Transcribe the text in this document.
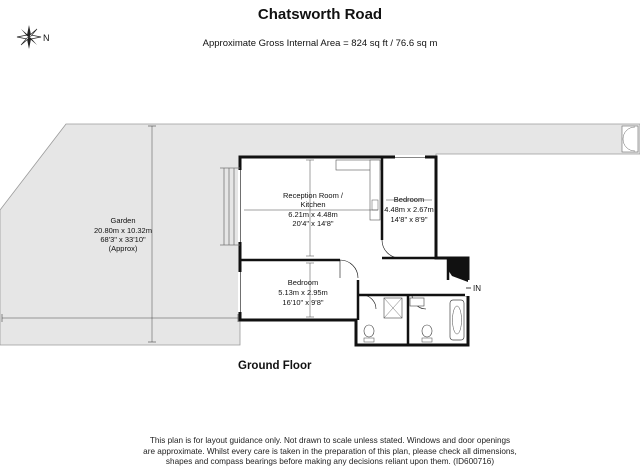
Chatsworth Road
Approximate Gross Internal Area = 824 sq ft / 76.6 sq m
N
Reception Room /
Kitchen
6.21m x 4.48m
20'4" x 14'8"
Bedroom
4.48m x 2.67m
14'8" x 8'9"
Bedroom
5.13m x 2.95m
16'10" x 9'8"
Garden
20.80m x 10.32m
68'3" x 33'10"
(Approx)
IN
Ground Floor
This plan is for layout guidance only. Not drawn to scale unless stated. Windows and door openings
are approximate. Whilst every care is taken in the preparation of this plan, please check all dimensions,
shapes and compass bearings before making any decisions reliant upon them. (ID600716)
